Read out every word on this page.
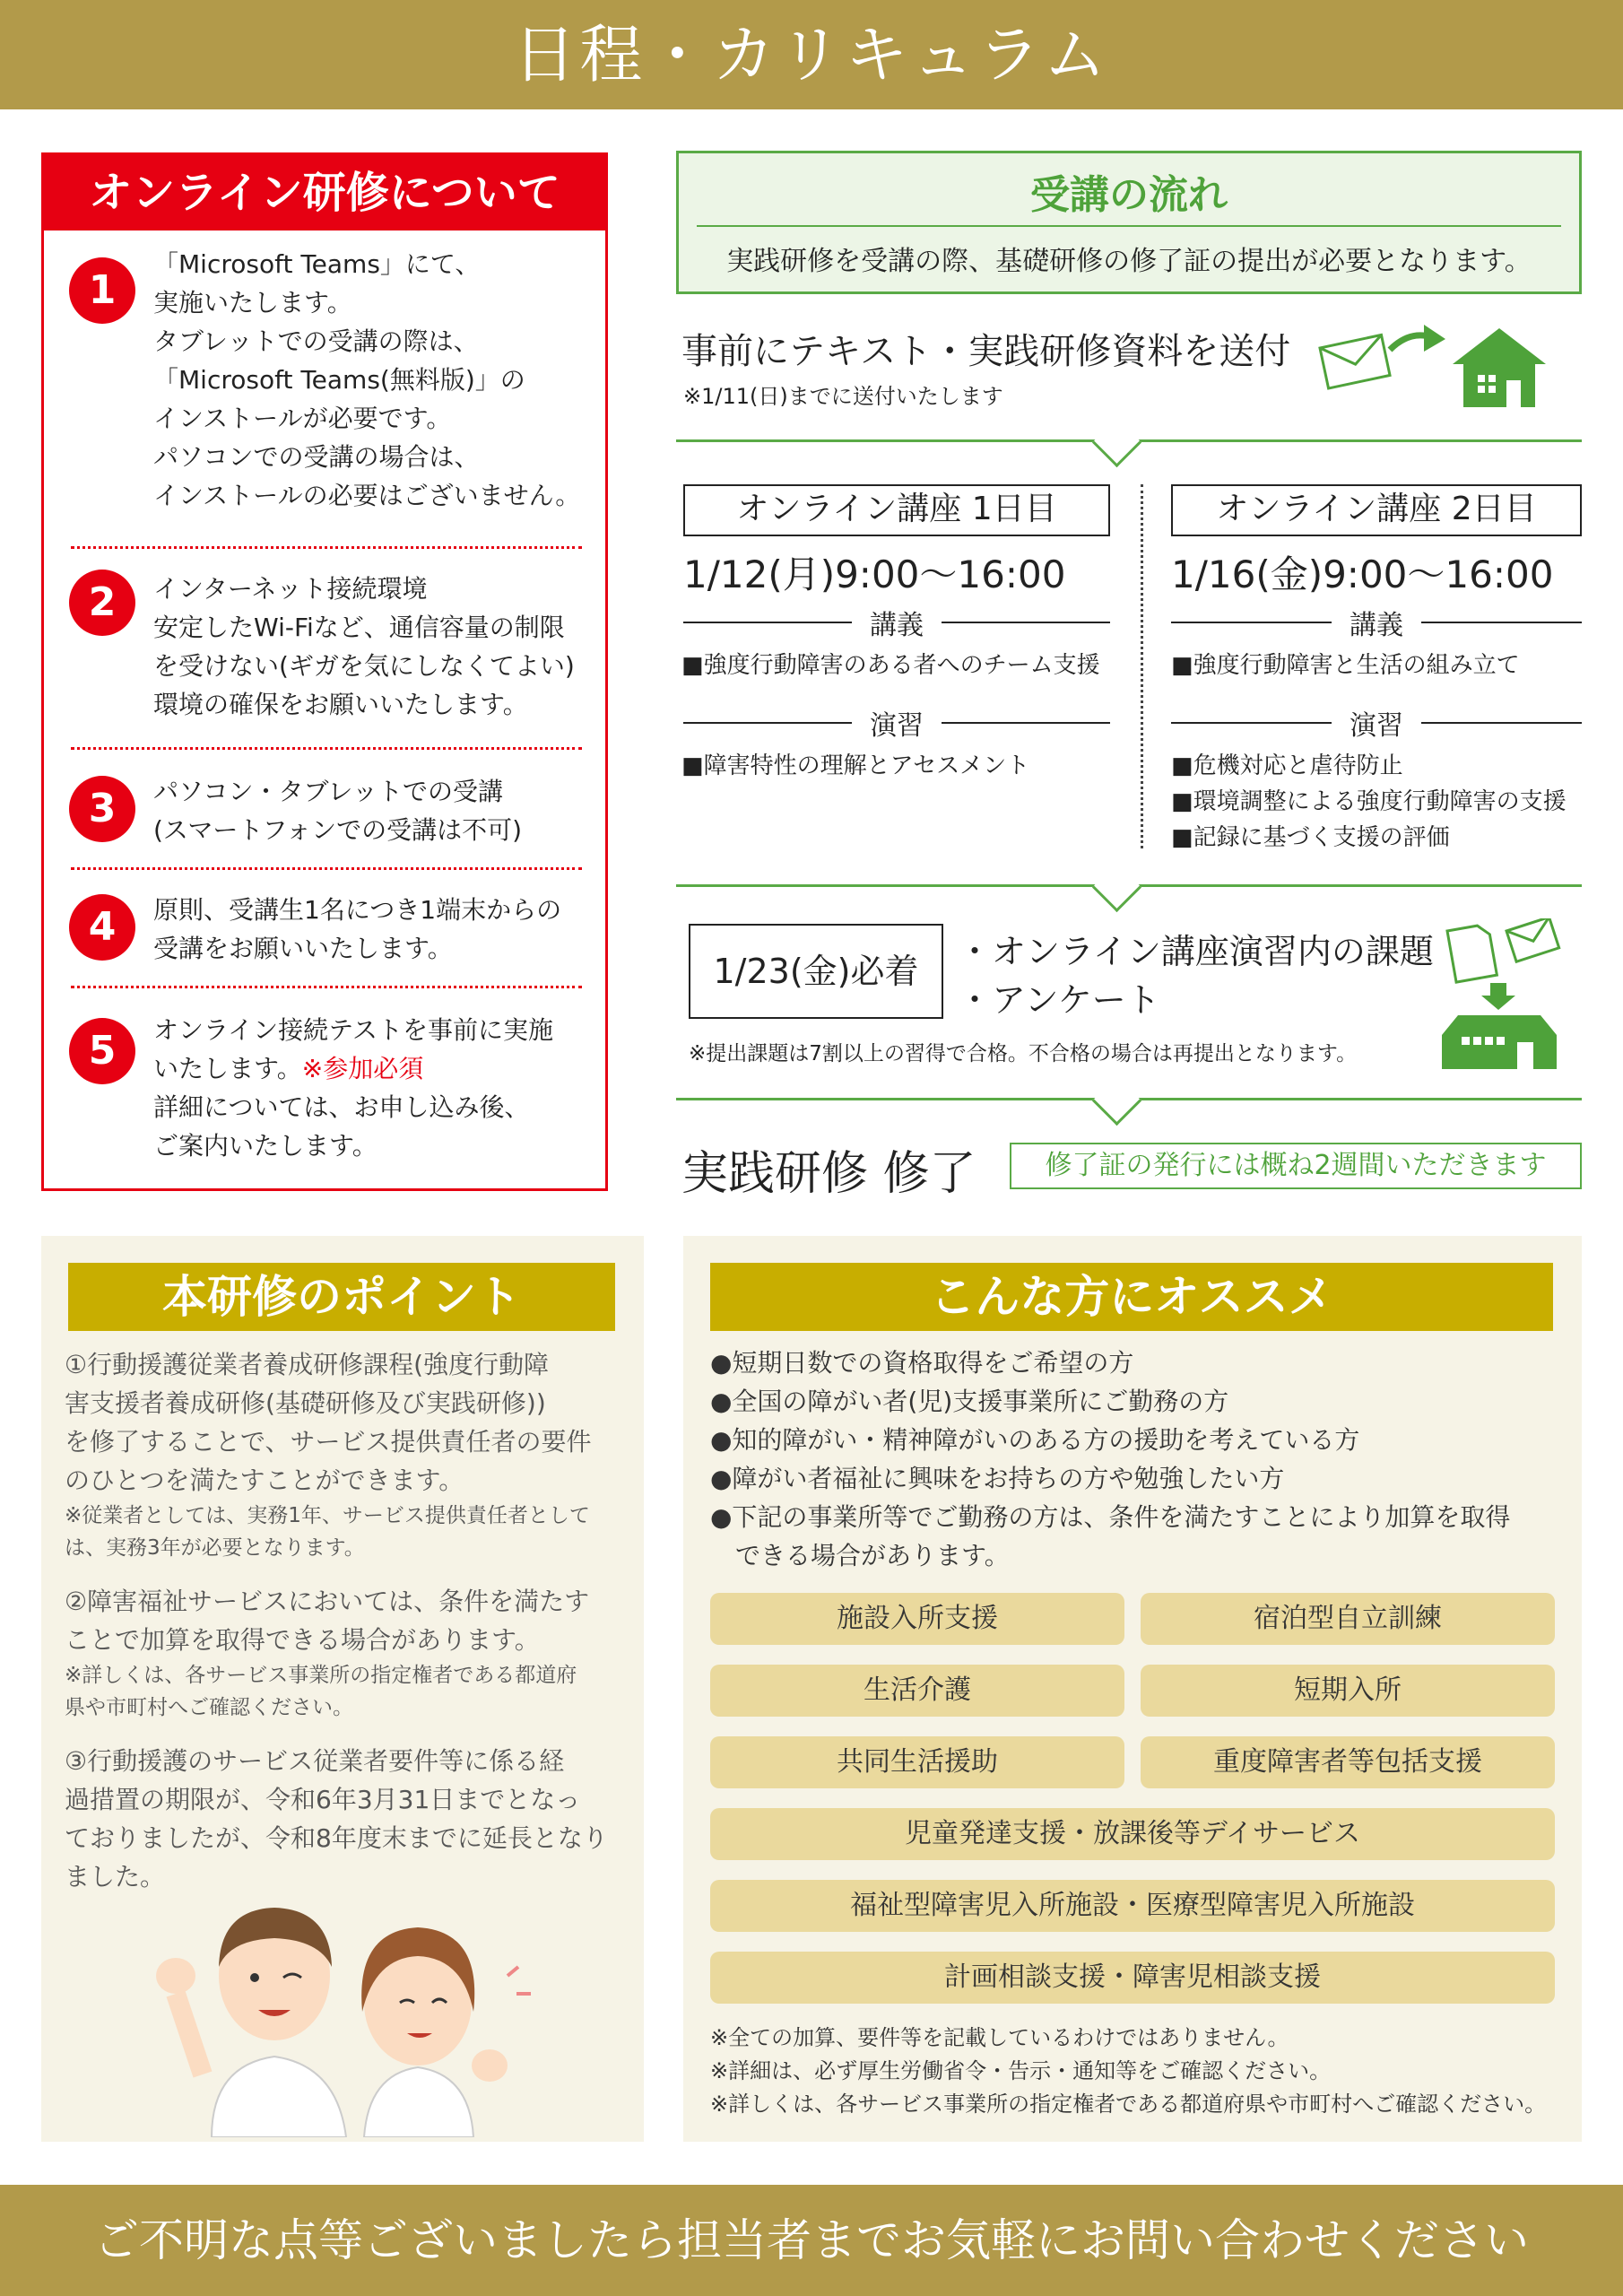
日程・カリキュラム
オンライン研修について
1
「Microsoft Teams」にて、
実施いたします。
タブレットでの受講の際は、
「Microsoft Teams(無料版)」の
インストールが必要です。
パソコンでの受講の場合は、
インストールの必要はございません。
2	インターネット接続環境
安定したWi-Fiなど、通信容量の制限
を受けない(ギガを気にしなくてよい)
環境の確保をお願いいたします。
3	パソコン・タブレットでの受講
(スマートフォンでの受講は不可)
4	原則、受講生1名につき1端末からの
受講をお願いいたします。
5	オンライン接続テストを事前に実施
いたします。※参加必須
詳細については、お申し込み後、
ご案内いたします。
受講の流れ
実践研修を受講の際、基礎研修の修了証の提出が必要となります。
事前にテキスト・実践研修資料を送付
※1/11(日)までに送付いたします
オンライン講座 1日目
1/12(月)9:00〜16:00
講義
■強度行動障害のある者へのチーム支援
演習
■障害特性の理解とアセスメント
オンライン講座 2日目
1/16(金)9:00〜16:00
講義
■強度行動障害と生活の組み立て
演習
■危機対応と虐待防止
■環境調整による強度行動障害の支援
■記録に基づく支援の評価
1/23(金)必着	・オンライン講座演習内の課題
・アンケート
※提出課題は7割以上の習得で合格。不合格の場合は再提出となります。
実践研修 修了	修了証の発行には概ね2週間いただきます
本研修のポイント
①行動援護従業者養成研修課程(強度行動障
害支援者養成研修(基礎研修及び実践研修))
を修了することで、サービス提供責任者の要件
のひとつを満たすことができます。
※従業者としては、実務1年、サービス提供責任者として
は、実務3年が必要となります。
②障害福祉サービスにおいては、条件を満たす
ことで加算を取得できる場合があります。
※詳しくは、各サービス事業所の指定権者である都道府
県や市町村へご確認ください。
③行動援護のサービス従業者要件等に係る経
過措置の期限が、令和6年3月31日までとなっ
ておりましたが、令和8年度末までに延長となり
ました。
こんな方にオススメ
●短期日数での資格取得をご希望の方
●全国の障がい者(児)支援事業所にご勤務の方
●知的障がい・精神障がいのある方の援助を考えている方
●障がい者福祉に興味をお持ちの方や勉強したい方
●下記の事業所等でご勤務の方は、条件を満たすことにより加算を取得
　できる場合があります。
施設入所支援	宿泊型自立訓練
生活介護	短期入所
共同生活援助	重度障害者等包括支援
児童発達支援・放課後等デイサービス
福祉型障害児入所施設・医療型障害児入所施設
計画相談支援・障害児相談支援
※全ての加算、要件等を記載しているわけではありません。
※詳細は、必ず厚生労働省令・告示・通知等をご確認ください。
※詳しくは、各サービス事業所の指定権者である都道府県や市町村へご確認ください。
ご不明な点等ございましたら担当者までお気軽にお問い合わせください
